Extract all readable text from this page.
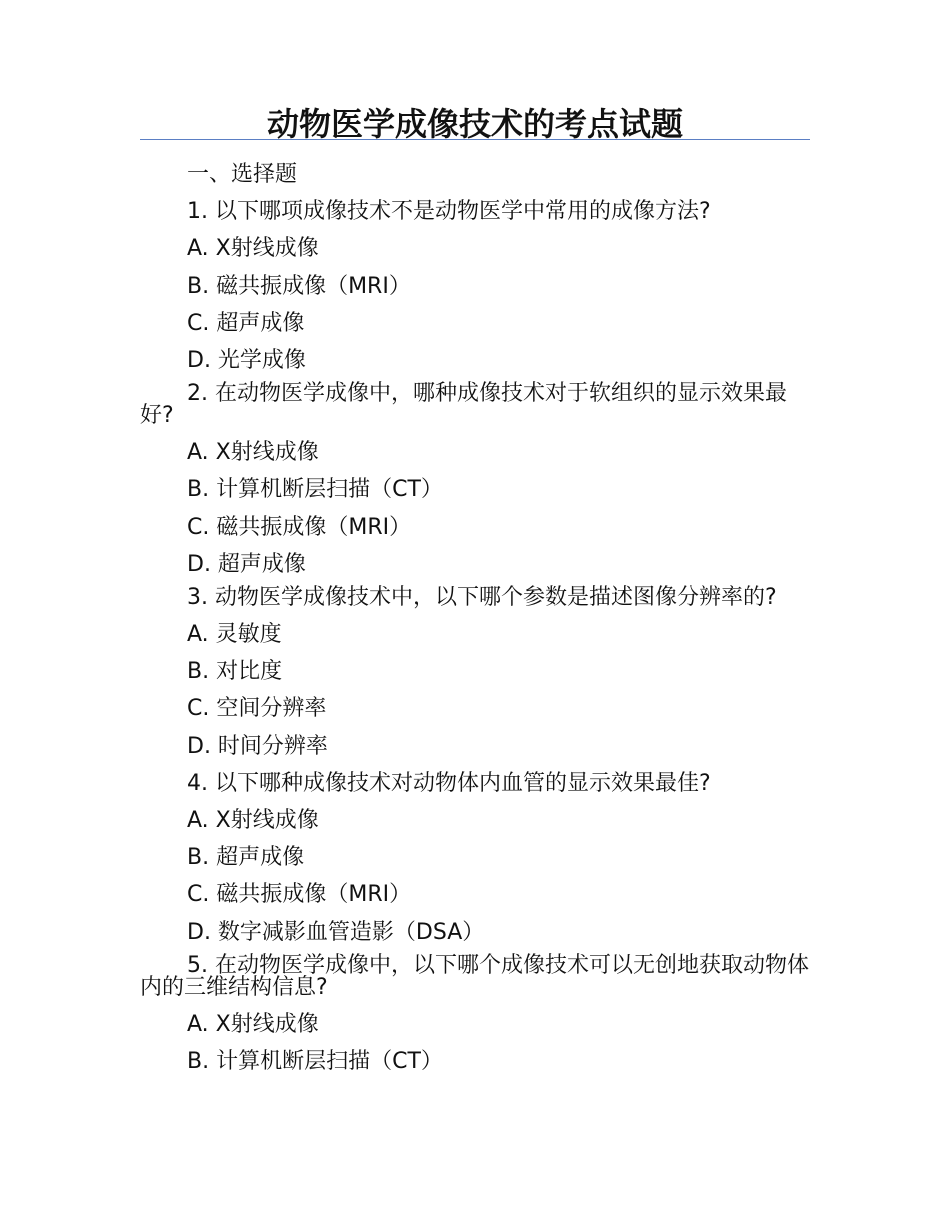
动物医学成像技术的考点试题

一、选择题

1. 以下哪项成像技术不是动物医学中常用的成像方法?

A. X射线成像

B. 磁共振成像（MRI）

C. 超声成像

D. 光学成像

2. 在动物医学成像中，哪种成像技术对于软组织的显示效果最好?

A. X射线成像

B. 计算机断层扫描（CT）

C. 磁共振成像（MRI）

D. 超声成像

3. 动物医学成像技术中，以下哪个参数是描述图像分辨率的?

A. 灵敏度

B. 对比度

C. 空间分辨率

D. 时间分辨率

4. 以下哪种成像技术对动物体内血管的显示效果最佳?

A. X射线成像

B. 超声成像

C. 磁共振成像（MRI）

D. 数字减影血管造影（DSA）

5. 在动物医学成像中，以下哪个成像技术可以无创地获取动物体内的三维结构信息?

A. X射线成像

B. 计算机断层扫描（CT）
